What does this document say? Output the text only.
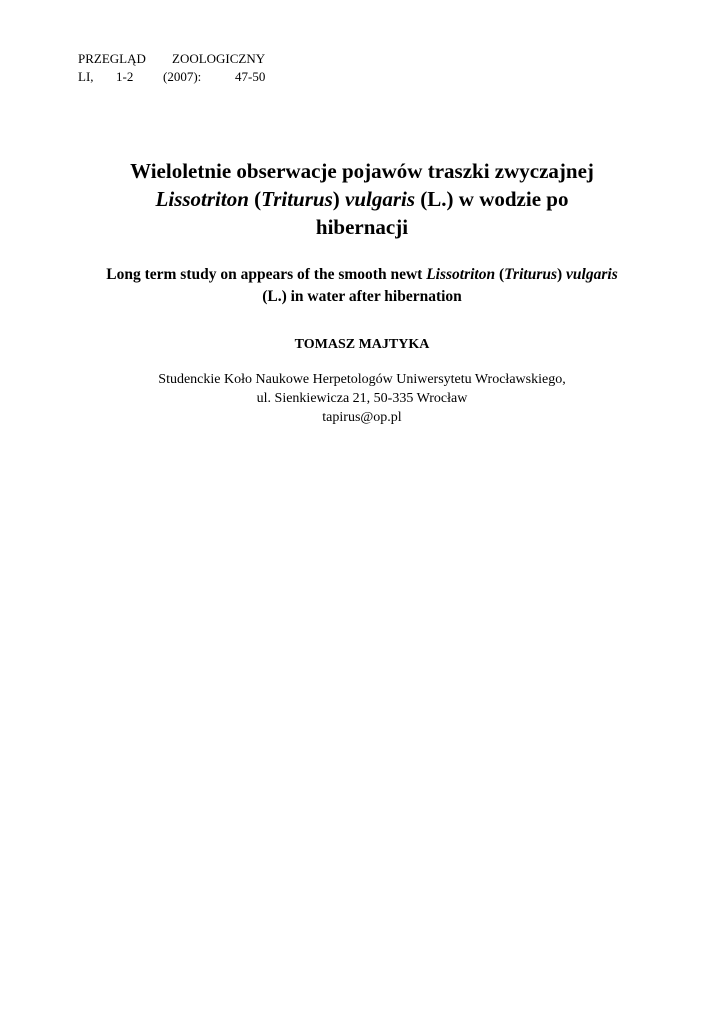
PRZEGLĄD ZOOLOGICZNY
LI, 1-2 (2007):	47-50
Wieloletnie obserwacje pojawów traszki zwyczajnej
Lissotriton (Triturus) vulgaris (L.) w wodzie po
hibernacji
Long term study on appears of the smooth newt Lissotriton (Triturus) vulgaris
(L.) in water after hibernation
TOMASZ MAJTYKA
Studenckie Koło Naukowe Herpetologów Uniwersytetu Wrocławskiego,
ul. Sienkiewicza 21, 50-335 Wrocław
tapirus@op.pl
